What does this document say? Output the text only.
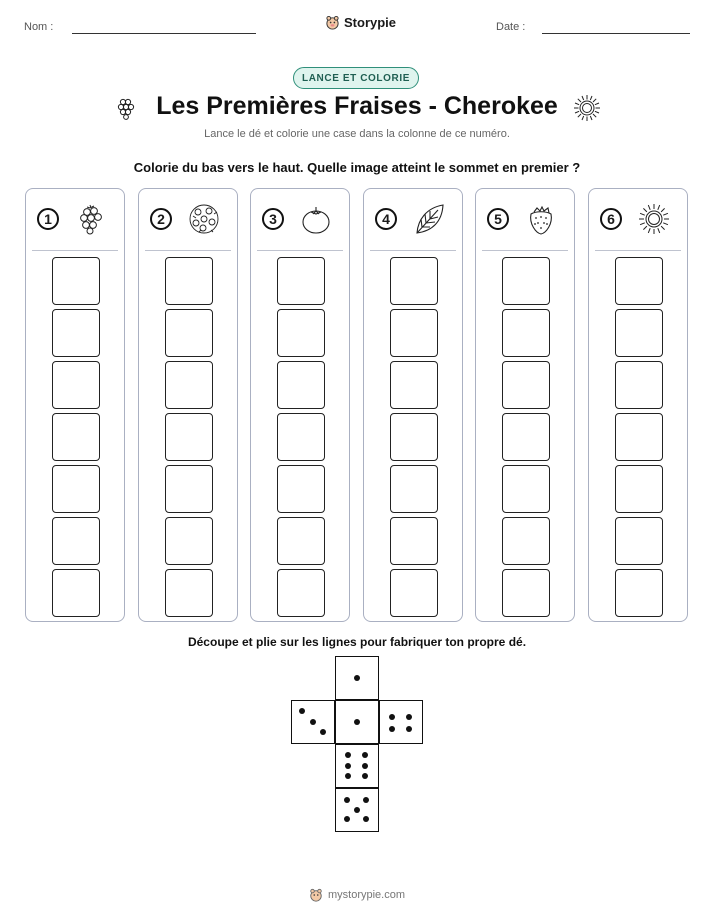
Nom :	Storypie	Date :
LANCE ET COLORIE
Les Premières Fraises - Cherokee
Lance le dé et colorie une case dans la colonne de ce numéro.
Colorie du bas vers le haut. Quelle image atteint le sommet en premier ?
1	2	3	4	5	6
Découpe et plie sur les lignes pour fabriquer ton propre dé.
mystorypie.com
